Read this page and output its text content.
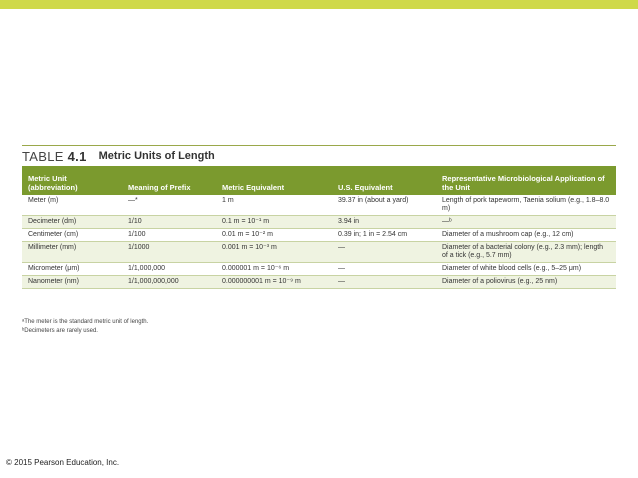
TABLE 4.1 Metric Units of Length
Metric Unit (abbreviation)	Meaning of Prefix	Metric Equivalent	U.S. Equivalent	Representative Microbiological Application of the Unit
Meter (m)	—*	1 m	39.37 in (about a yard)	Length of pork tapeworm, Taenia solium (e.g., 1.8–8.0 m)
Decimeter (dm)	1/10	0.1 m = 10⁻¹ m	3.94 in	—ᵇ
Centimeter (cm)	1/100	0.01 m = 10⁻² m	0.39 in; 1 in = 2.54 cm	Diameter of a mushroom cap (e.g., 12 cm)
Millimeter (mm)	1/1000	0.001 m = 10⁻³ m	—	Diameter of a bacterial colony (e.g., 2.3 mm); length of a tick (e.g., 5.7 mm)
Micrometer (μm)	1/1,000,000	0.000001 m = 10⁻⁶ m	—	Diameter of white blood cells (e.g., 5–25 μm)
Nanometer (nm)	1/1,000,000,000	0.000000001 m = 10⁻⁹ m	—	Diameter of a poliovirus (e.g., 25 nm)
ᵃThe meter is the standard metric unit of length.
ᵇDecimeters are rarely used.
© 2015 Pearson Education, Inc.
